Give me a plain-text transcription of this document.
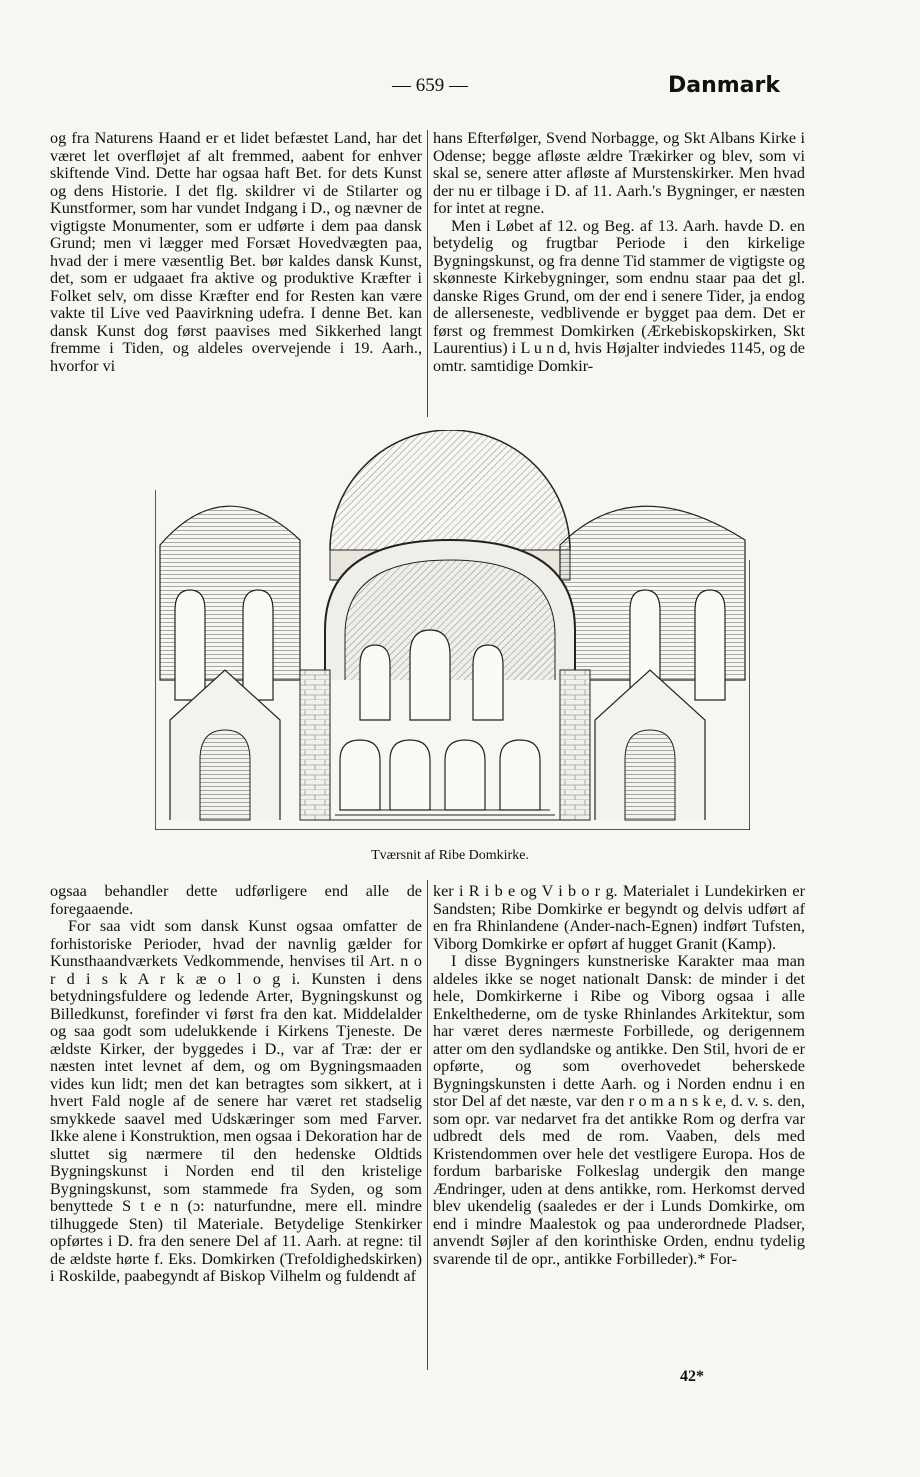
— 659 —	Danmark

og fra Naturens Haand er et lidet befæstet Land, har det været let overfløjet af alt fremmed, aabent for enhver skiftende Vind. Dette har ogsaa haft Bet. for dets Kunst og dens Historie. I det flg. skildrer vi de Stilarter og Kunstformer, som har vundet Indgang i D., og nævner de vigtigste Monumenter, som er udførte i dem paa dansk Grund; men vi lægger med Forsæt Hovedvægten paa, hvad der i mere væsentlig Bet. bør kaldes dansk Kunst, det, som er udgaaet fra aktive og produktive Kræfter i Folket selv, om disse Kræfter end for Resten kan være vakte til Live ved Paavirkning udefra. I denne Bet. kan dansk Kunst dog først paavises med Sikkerhed langt fremme i Tiden, og aldeles overvejende i 19. Aarh., hvorfor vi

hans Efterfølger, Svend Norbagge, og Skt Albans Kirke i Odense; begge afløste ældre Trækirker og blev, som vi skal se, senere atter afløste af Murstenskirker. Men hvad der nu er tilbage i D. af 11. Aarh.'s Bygninger, er næsten for intet at regne.

Men i Løbet af 12. og Beg. af 13. Aarh. havde D. en betydelig og frugtbar Periode i den kirkelige Bygningskunst, og fra denne Tid stammer de vigtigste og skønneste Kirkebygninger, som endnu staar paa det gl. danske Riges Grund, om der end i senere Tider, ja endog de allerseneste, vedblivende er bygget paa dem. Det er først og fremmest Domkirken (Ærkebiskopskirken, Skt Laurentius) i L u n d, hvis Højalter indviedes 1145, og de omtr. samtidige Domkir-

Tværsnit af Ribe Domkirke.

ogsaa behandler dette udførligere end alle de foregaaende.

For saa vidt som dansk Kunst ogsaa omfatter de forhistoriske Perioder, hvad der navnlig gælder for Kunsthaandværkets Vedkommende, henvises til Art. n o r d i s k A r k æ o l o g i. Kunsten i dens betydningsfuldere og ledende Arter, Bygningskunst og Billedkunst, forefinder vi først fra den kat. Middelalder og saa godt som udelukkende i Kirkens Tjeneste. De ældste Kirker, der byggedes i D., var af Træ: der er næsten intet levnet af dem, og om Bygningsmaaden vides kun lidt; men det kan betragtes som sikkert, at i hvert Fald nogle af de senere har været ret stadselig smykkede saavel med Udskæringer som med Farver. Ikke alene i Konstruktion, men ogsaa i Dekoration har de sluttet sig nærmere til den hedenske Oldtids Bygningskunst i Norden end til den kristelige Bygningskunst, som stammede fra Syden, og som benyttede S t e n (ɔ: naturfundne, mere ell. mindre tilhuggede Sten) til Materiale. Betydelige Stenkirker opførtes i D. fra den senere Del af 11. Aarh. at regne: til de ældste hørte f. Eks. Domkirken (Trefoldighedskirken) i Roskilde, paabegyndt af Biskop Vilhelm og fuldendt af

ker i R i b e og V i b o r g. Materialet i Lundekirken er Sandsten; Ribe Domkirke er begyndt og delvis udført af en fra Rhinlandene (Ander-nach-Egnen) indført Tufsten, Viborg Domkirke er opført af hugget Granit (Kamp).

I disse Bygningers kunstneriske Karakter maa man aldeles ikke se noget nationalt Dansk: de minder i det hele, Domkirkerne i Ribe og Viborg ogsaa i alle Enkelthederne, om de tyske Rhinlandes Arkitektur, som har været deres nærmeste Forbillede, og derigennem atter om den sydlandske og antikke. Den Stil, hvori de er opførte, og som overhovedet beherskede Bygningskunsten i dette Aarh. og i Norden endnu i en stor Del af det næste, var den r o m a n s k e, d. v. s. den, som opr. var nedarvet fra det antikke Rom og derfra var udbredt dels med de rom. Vaaben, dels med Kristendommen over hele det vestligere Europa. Hos de fordum barbariske Folkeslag undergik den mange Ændringer, uden at dens antikke, rom. Herkomst derved blev ukendelig (saaledes er der i Lunds Domkirke, om end i mindre Maalestok og paa underordnede Pladser, anvendt Søjler af den korinthiske Orden, endnu tydelig svarende til de opr., antikke Forbilleder).* For-

42*
